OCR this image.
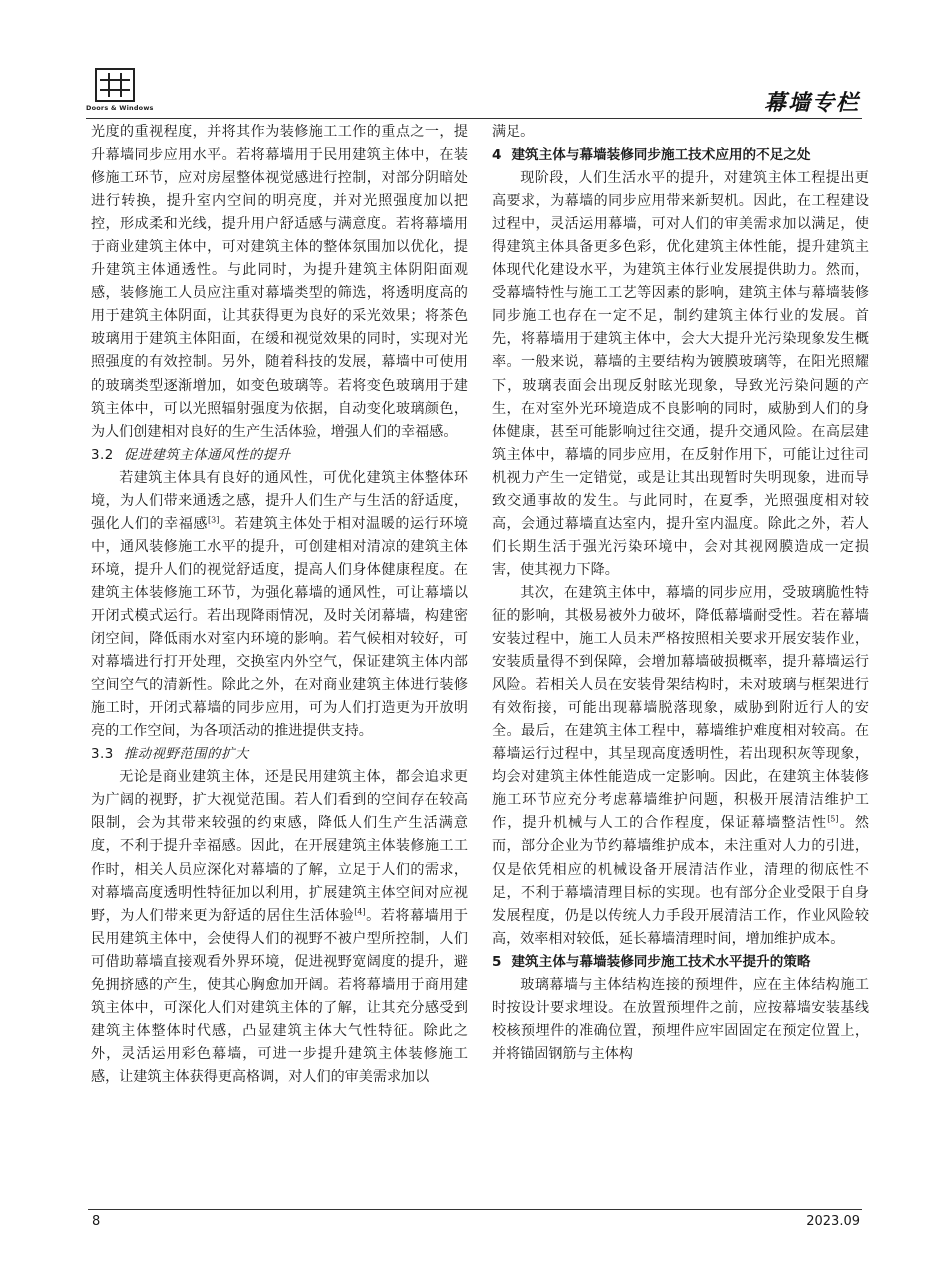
Doors & Windows	幕墙专栏

光度的重视程度，并将其作为装修施工工作的重点之一，提升幕墙同步应用水平。若将幕墙用于民用建筑主体中，在装修施工环节，应对房屋整体视觉感进行控制，对部分阴暗处进行转换，提升室内空间的明亮度，并对光照强度加以把控，形成柔和光线，提升用户舒适感与满意度。若将幕墙用于商业建筑主体中，可对建筑主体的整体氛围加以优化，提升建筑主体通透性。与此同时，为提升建筑主体阴阳面观感，装修施工人员应注重对幕墙类型的筛选，将透明度高的用于建筑主体阴面，让其获得更为良好的采光效果；将茶色玻璃用于建筑主体阳面，在缓和视觉效果的同时，实现对光照强度的有效控制。另外，随着科技的发展，幕墙中可使用的玻璃类型逐渐增加，如变色玻璃等。若将变色玻璃用于建筑主体中，可以光照辐射强度为依据，自动变化玻璃颜色，为人们创建相对良好的生产生活体验，增强人们的幸福感。

3.2 促进建筑主体通风性的提升

若建筑主体具有良好的通风性，可优化建筑主体整体环境，为人们带来通透之感，提升人们生产与生活的舒适度，强化人们的幸福感[3]。若建筑主体处于相对温暖的运行环境中，通风装修施工水平的提升，可创建相对清凉的建筑主体环境，提升人们的视觉舒适度，提高人们身体健康程度。在建筑主体装修施工环节，为强化幕墙的通风性，可让幕墙以开闭式模式运行。若出现降雨情况，及时关闭幕墙，构建密闭空间，降低雨水对室内环境的影响。若气候相对较好，可对幕墙进行打开处理，交换室内外空气，保证建筑主体内部空间空气的清新性。除此之外，在对商业建筑主体进行装修施工时，开闭式幕墙的同步应用，可为人们打造更为开放明亮的工作空间，为各项活动的推进提供支持。

3.3 推动视野范围的扩大

无论是商业建筑主体，还是民用建筑主体，都会追求更为广阔的视野，扩大视觉范围。若人们看到的空间存在较高限制，会为其带来较强的约束感，降低人们生产生活满意度，不利于提升幸福感。因此，在开展建筑主体装修施工工作时，相关人员应深化对幕墙的了解，立足于人们的需求，对幕墙高度透明性特征加以利用，扩展建筑主体空间对应视野，为人们带来更为舒适的居住生活体验[4]。若将幕墙用于民用建筑主体中，会使得人们的视野不被户型所控制，人们可借助幕墙直接观看外界环境，促进视野宽阔度的提升，避免拥挤感的产生，使其心胸愈加开阔。若将幕墙用于商用建筑主体中，可深化人们对建筑主体的了解，让其充分感受到建筑主体整体时代感，凸显建筑主体大气性特征。除此之外，灵活运用彩色幕墙，可进一步提升建筑主体装修施工感，让建筑主体获得更高格调，对人们的审美需求加以

满足。

4 建筑主体与幕墙装修同步施工技术应用的不足之处

现阶段，人们生活水平的提升，对建筑主体工程提出更高要求，为幕墙的同步应用带来新契机。因此，在工程建设过程中，灵活运用幕墙，可对人们的审美需求加以满足，使得建筑主体具备更多色彩，优化建筑主体性能，提升建筑主体现代化建设水平，为建筑主体行业发展提供助力。然而，受幕墙特性与施工工艺等因素的影响，建筑主体与幕墙装修同步施工也存在一定不足，制约建筑主体行业的发展。首先，将幕墙用于建筑主体中，会大大提升光污染现象发生概率。一般来说，幕墙的主要结构为镀膜玻璃等，在阳光照耀下，玻璃表面会出现反射眩光现象，导致光污染问题的产生，在对室外光环境造成不良影响的同时，威胁到人们的身体健康，甚至可能影响过往交通，提升交通风险。在高层建筑主体中，幕墙的同步应用，在反射作用下，可能让过往司机视力产生一定错觉，或是让其出现暂时失明现象，进而导致交通事故的发生。与此同时，在夏季，光照强度相对较高，会通过幕墙直达室内，提升室内温度。除此之外，若人们长期生活于强光污染环境中，会对其视网膜造成一定损害，使其视力下降。

其次，在建筑主体中，幕墙的同步应用，受玻璃脆性特征的影响，其极易被外力破坏，降低幕墙耐受性。若在幕墙安装过程中，施工人员未严格按照相关要求开展安装作业，安装质量得不到保障，会增加幕墙破损概率，提升幕墙运行风险。若相关人员在安装骨架结构时，未对玻璃与框架进行有效衔接，可能出现幕墙脱落现象，威胁到附近行人的安全。最后，在建筑主体工程中，幕墙维护难度相对较高。在幕墙运行过程中，其呈现高度透明性，若出现积灰等现象，均会对建筑主体性能造成一定影响。因此，在建筑主体装修施工环节应充分考虑幕墙维护问题，积极开展清洁维护工作，提升机械与人工的合作程度，保证幕墙整洁性[5]。然而，部分企业为节约幕墙维护成本，未注重对人力的引进，仅是依凭相应的机械设备开展清洁作业，清理的彻底性不足，不利于幕墙清理目标的实现。也有部分企业受限于自身发展程度，仍是以传统人力手段开展清洁工作，作业风险较高，效率相对较低，延长幕墙清理时间，增加维护成本。

5 建筑主体与幕墙装修同步施工技术水平提升的策略

玻璃幕墙与主体结构连接的预埋件，应在主体结构施工时按设计要求埋设。在放置预埋件之前，应按幕墙安装基线校核预埋件的准确位置，预埋件应牢固固定在预定位置上，并将锚固钢筋与主体构

8	2023.09
